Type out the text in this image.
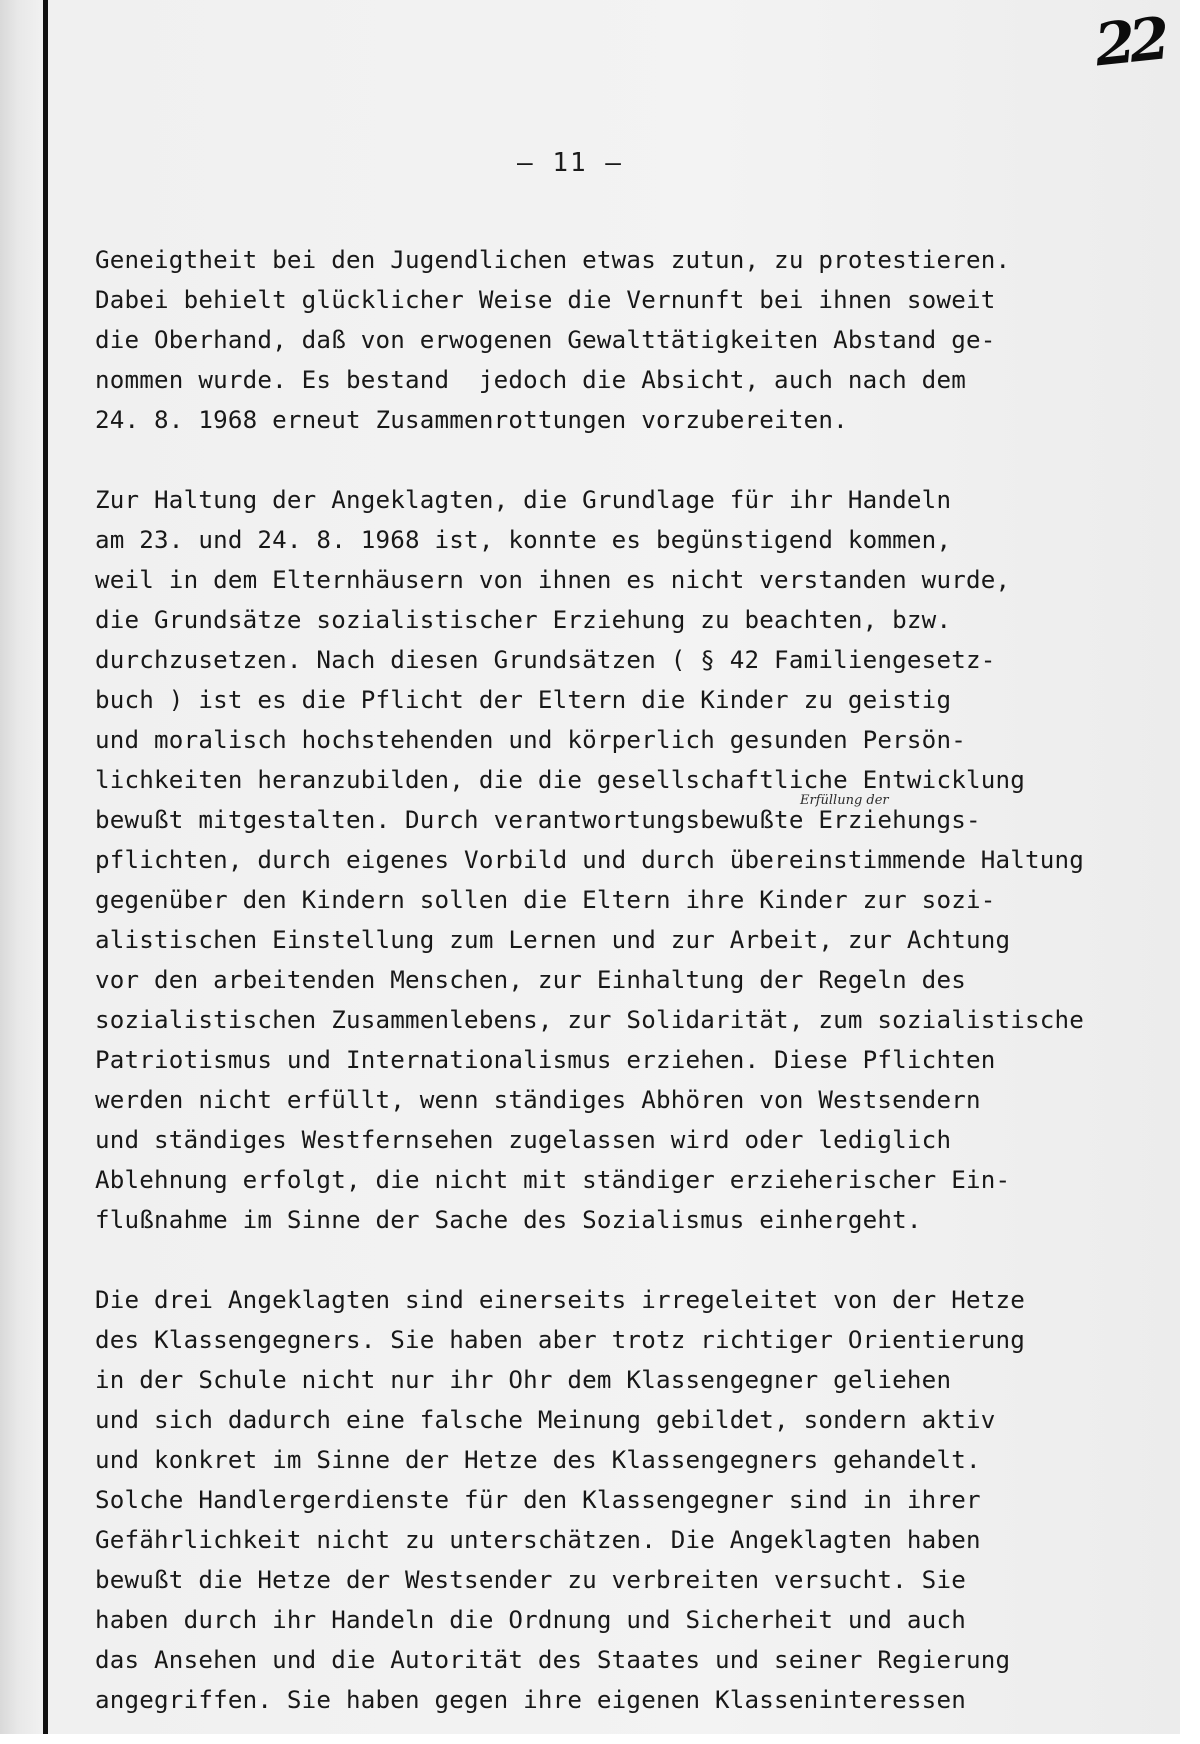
22
– 11 –
Erfüllung der
Geneigtheit bei den Jugendlichen etwas zutun, zu protestieren.
Dabei behielt glücklicher Weise die Vernunft bei ihnen soweit
die Oberhand, daß von erwogenen Gewalttätigkeiten Abstand ge-
nommen wurde. Es bestand  jedoch die Absicht, auch nach dem
24. 8. 1968 erneut Zusammenrottungen vorzubereiten.
Zur Haltung der Angeklagten, die Grundlage für ihr Handeln
am 23. und 24. 8. 1968 ist, konnte es begünstigend kommen,
weil in dem Elternhäusern von ihnen es nicht verstanden wurde,
die Grundsätze sozialistischer Erziehung zu beachten, bzw.
durchzusetzen. Nach diesen Grundsätzen ( § 42 Familiengesetz-
buch ) ist es die Pflicht der Eltern die Kinder zu geistig
und moralisch hochstehenden und körperlich gesunden Persön-
lichkeiten heranzubilden, die die gesellschaftliche Entwicklung
bewußt mitgestalten. Durch verantwortungsbewußte Erziehungs-
pflichten, durch eigenes Vorbild und durch übereinstimmende Haltung
gegenüber den Kindern sollen die Eltern ihre Kinder zur sozi-
alistischen Einstellung zum Lernen und zur Arbeit, zur Achtung
vor den arbeitenden Menschen, zur Einhaltung der Regeln des
sozialistischen Zusammenlebens, zur Solidarität, zum sozialistische
Patriotismus und Internationalismus erziehen. Diese Pflichten
werden nicht erfüllt, wenn ständiges Abhören von Westsendern
und ständiges Westfernsehen zugelassen wird oder lediglich
Ablehnung erfolgt, die nicht mit ständiger erzieherischer Ein-
flußnahme im Sinne der Sache des Sozialismus einhergeht.
Die drei Angeklagten sind einerseits irregeleitet von der Hetze
des Klassengegners. Sie haben aber trotz richtiger Orientierung
in der Schule nicht nur ihr Ohr dem Klassengegner geliehen
und sich dadurch eine falsche Meinung gebildet, sondern aktiv
und konkret im Sinne der Hetze des Klassengegners gehandelt.
Solche Handlergerdienste für den Klassengegner sind in ihrer
Gefährlichkeit nicht zu unterschätzen. Die Angeklagten haben
bewußt die Hetze der Westsender zu verbreiten versucht. Sie
haben durch ihr Handeln die Ordnung und Sicherheit und auch
das Ansehen und die Autorität des Staates und seiner Regierung
angegriffen. Sie haben gegen ihre eigenen Klasseninteressen
